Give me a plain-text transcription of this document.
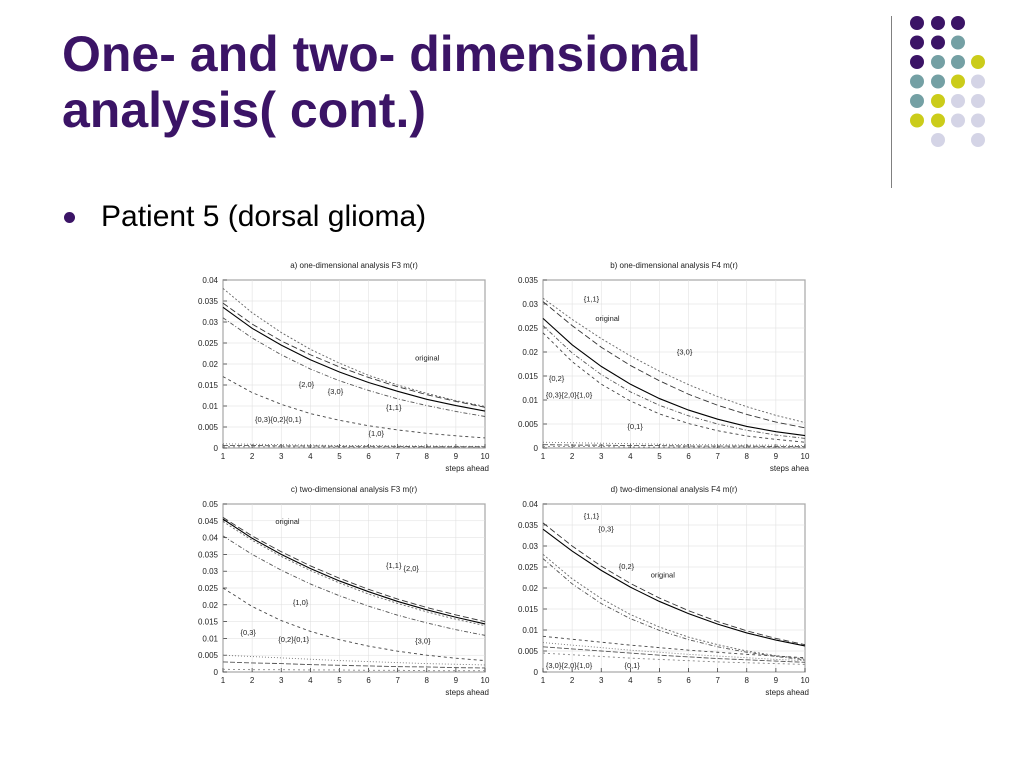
One- and two- dimensional
analysis( cont.)
Patient 5 (dorsal glioma)
a) one-dimensional analysis F3 m(r)
0
0.005
0.01
0.015
0.02
0.025
0.03
0.035
0.04
1	2	3	4	5	6	7	8	9	10
steps ahead
original
{2,0}
{3,0}
{1,1}
{1,0}
{0,3}{0,2}{0,1}
b) one-dimensional analysis F4 m(r)
0
0.005
0.01
0.015
0.02
0.025
0.03
0.035
1	2	3	4	5	6	7	8	9	10
steps ahea
{1,1}
original
{3,0}
{0,2}
{0,3}{2,0}{1,0}
{0,1}
c) two-dimensional analysis F3 m(r)
0
0.005
0.01
0.015
0.02
0.025
0.03
0.035
0.04
0.045
0.05
1	2	3	4	5	6	7	8	9	10
steps ahead
original
{1,1} {2,0}
{1,0}
{3,0}
{0,3}
{0,2}{0,1}
d) two-dimensional analysis F4 m(r)
0
0.005
0.01
0.015
0.02
0.025
0.03
0.035
0.04
1	2	3	4	5	6	7	8	9	10
steps ahead
{1,1}
{0,3}
{0,2}
original
{3,0}{2,0}{1,0}	{0,1}
